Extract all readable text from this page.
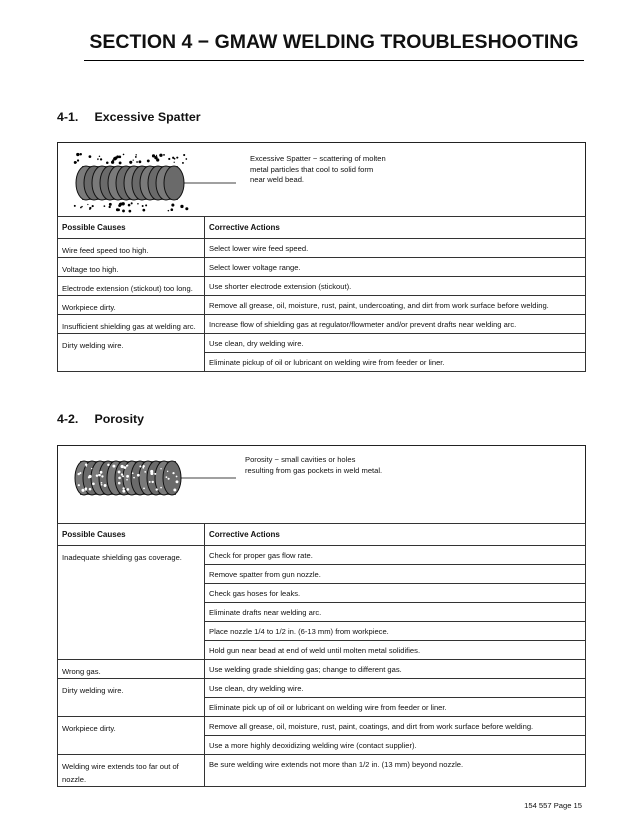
SECTION 4 − GMAW WELDING TROUBLESHOOTING
4-1. Excessive Spatter
Excessive Spatter − scattering of molten metal particles that cool to solid form near weld bead.
Possible Causes	Corrective Actions
Wire feed speed too high.	Select lower wire feed speed.
Voltage too high.	Select lower voltage range.
Electrode extension (stickout) too long.	Use shorter electrode extension (stickout).
Workpiece dirty.	Remove all grease, oil, moisture, rust, paint, undercoating, and dirt from work surface before welding.
Insufficient shielding gas at welding arc.	Increase flow of shielding gas at regulator/flowmeter and/or prevent drafts near welding arc.
Dirty welding wire.	Use clean, dry welding wire.
	Eliminate pickup of oil or lubricant on welding wire from feeder or liner.
4-2. Porosity
Porosity − small cavities or holes resulting from gas pockets in weld metal.
Possible Causes	Corrective Actions
Inadequate shielding gas coverage.	Check for proper gas flow rate.
	Remove spatter from gun nozzle.
	Check gas hoses for leaks.
	Eliminate drafts near welding arc.
	Place nozzle 1/4 to 1/2 in. (6-13 mm) from workpiece.
	Hold gun near bead at end of weld until molten metal solidifies.
Wrong gas.	Use welding grade shielding gas; change to different gas.
Dirty welding wire.	Use clean, dry welding wire.
	Eliminate pick up of oil or lubricant on welding wire from feeder or liner.
Workpiece dirty.	Remove all grease, oil, moisture, rust, paint, coatings, and dirt from work surface before welding.
	Use a more highly deoxidizing welding wire (contact supplier).
Welding wire extends too far out of nozzle.	Be sure welding wire extends not more than 1/2 in. (13 mm) beyond nozzle.
154 557 Page 15
